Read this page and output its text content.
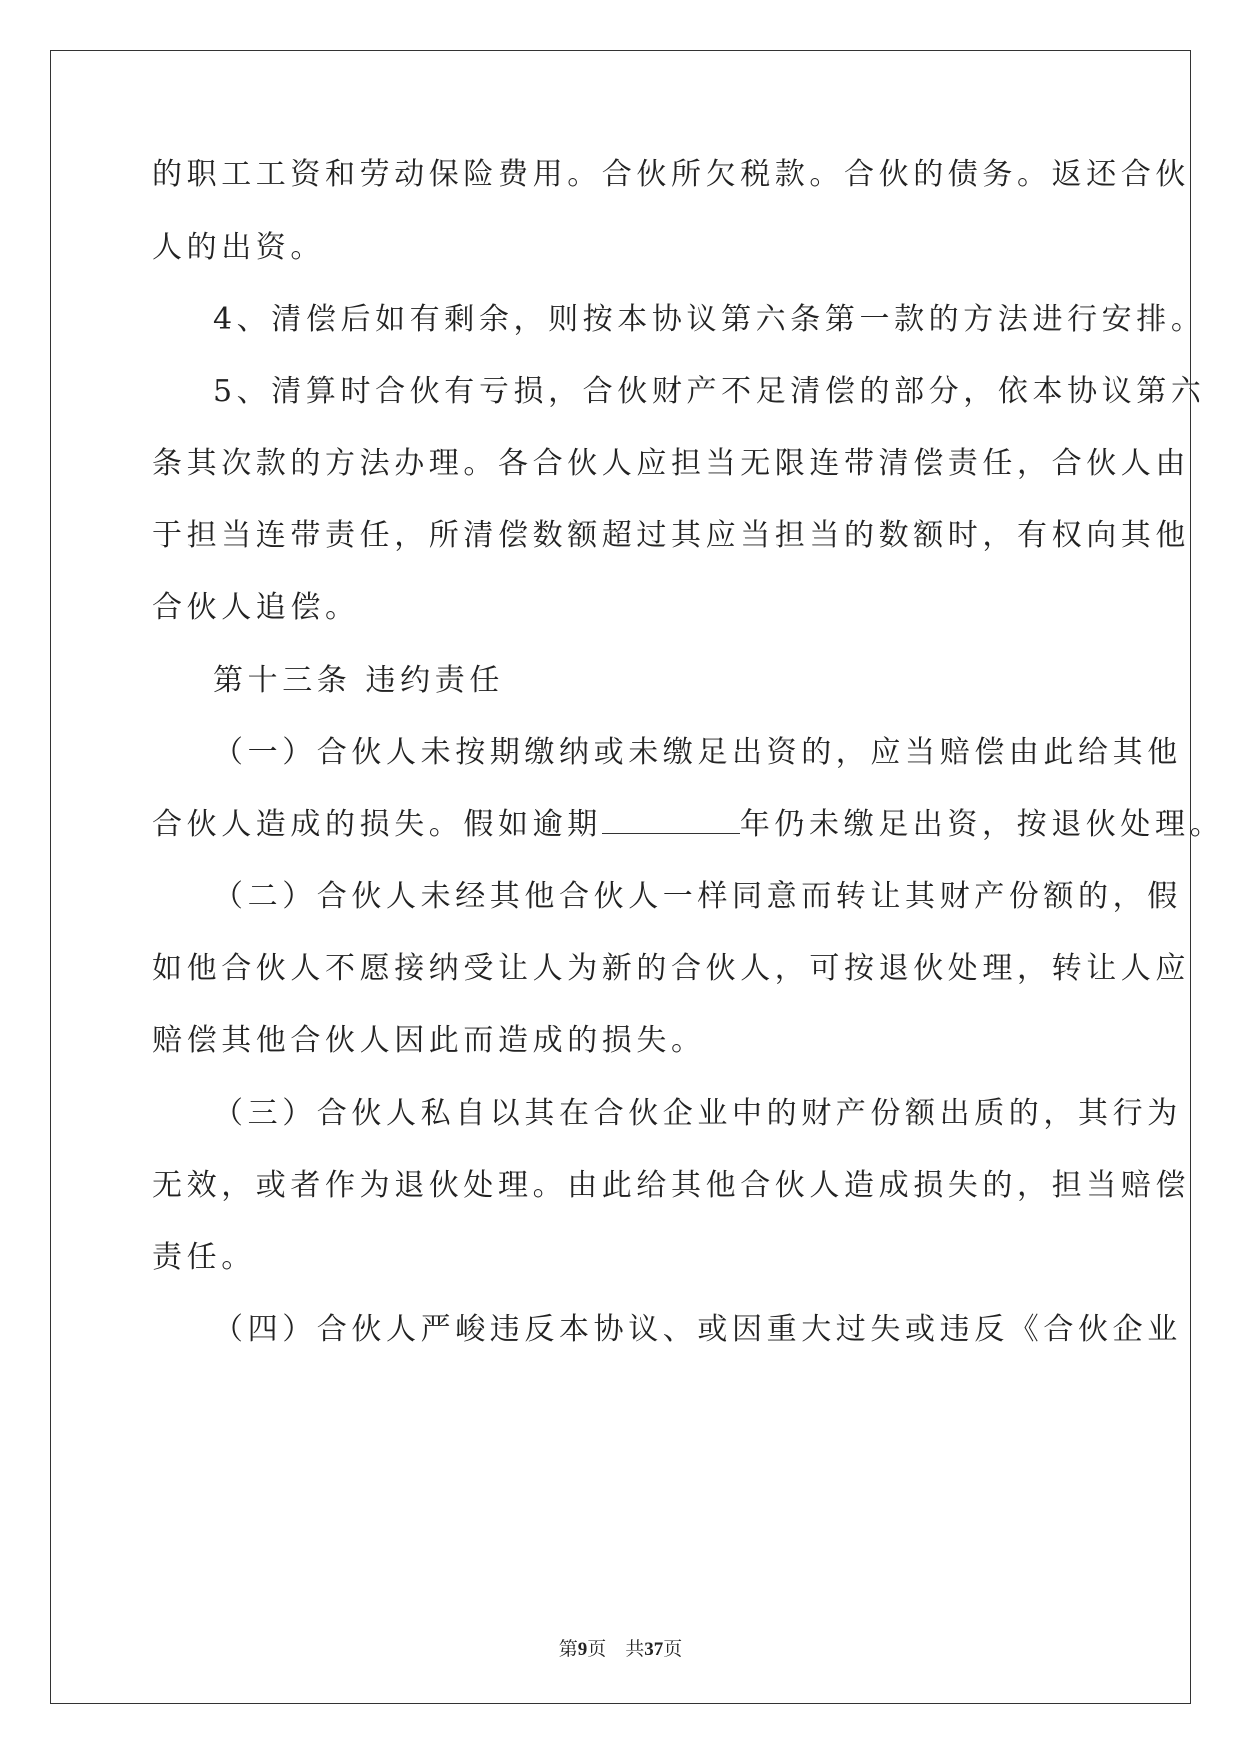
的职工工资和劳动保险费用。合伙所欠税款。合伙的债务。返还合伙
人的出资。
4、清偿后如有剩余，则按本协议第六条第一款的方法进行安排。
5、清算时合伙有亏损，合伙财产不足清偿的部分，依本协议第六
条其次款的方法办理。各合伙人应担当无限连带清偿责任，合伙人由
于担当连带责任，所清偿数额超过其应当担当的数额时，有权向其他
合伙人追偿。
第十三条 违约责任
（一）合伙人未按期缴纳或未缴足出资的，应当赔偿由此给其他
合伙人造成的损失。假如逾期	年仍未缴足出资，按退伙处理。
（二）合伙人未经其他合伙人一样同意而转让其财产份额的，假
如他合伙人不愿接纳受让人为新的合伙人，可按退伙处理，转让人应
赔偿其他合伙人因此而造成的损失。
（三）合伙人私自以其在合伙企业中的财产份额出质的，其行为
无效，或者作为退伙处理。由此给其他合伙人造成损失的，担当赔偿
责任。
（四）合伙人严峻违反本协议、或因重大过失或违反《合伙企业
第9页　共37页
